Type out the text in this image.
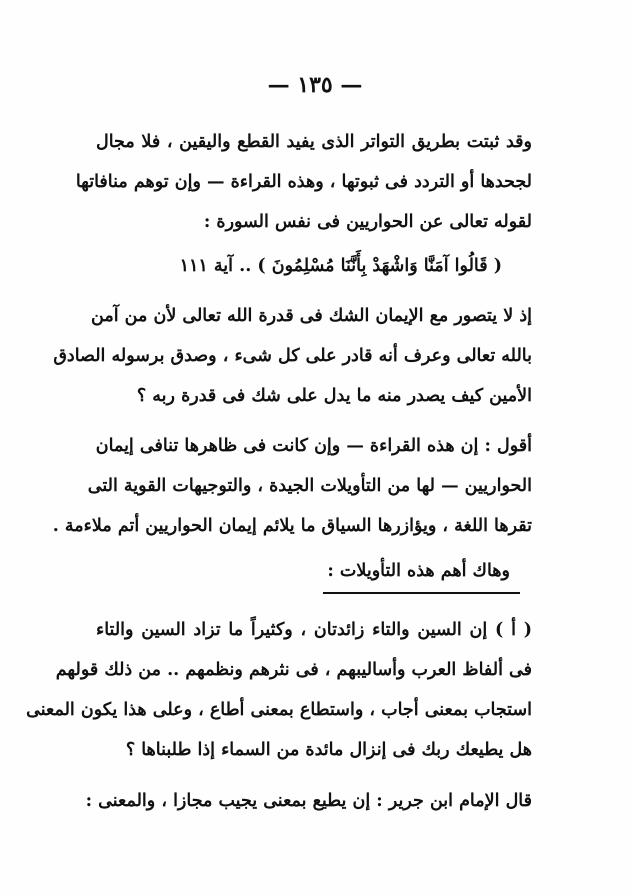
— ١٣٥ —
وقد ثبتت بطريق التواتر الذى يفيد القطع واليقين ، فلا مجال
لجحدها أو التردد فى ثبوتها ، وهذه القراءة — وإن توهم منافاتها
لقوله تعالى عن الحواريين فى نفس السورة :
( قَالُوا آمَنَّا وَاشْهَدْ بِأَنَّنَا مُسْلِمُونَ ) .. آية ١١١
إذ لا يتصور مع الإيمان الشك فى قدرة الله تعالى لأن من آمن
بالله تعالى وعرف أنه قادر على كل شىء ، وصدق برسوله الصادق
الأمين كيف يصدر منه ما يدل على شك فى قدرة ربه ؟
أقول : إن هذه القراءة — وإن كانت فى ظاهرها تنافى إيمان
الحواريين — لها من التأويلات الجيدة ، والتوجيهات القوية التى
تقرها اللغة ، ويؤازرها السياق ما يلائم إيمان الحواريين أتم ملاءمة .
وهاك أهم هذه التأويلات :
( أ ) إن السين والتاء زائدتان ، وكثيراً ما تزاد السين والتاء
فى ألفاظ العرب وأساليبهم ، فى نثرهم ونظمهم .. من ذلك قولهم
استجاب بمعنى أجاب ، واستطاع بمعنى أطاع ، وعلى هذا يكون المعنى
هل يطيعك ربك فى إنزال مائدة من السماء إذا طلبناها ؟
قال الإمام ابن جرير : إن يطيع بمعنى يجيب مجازا ، والمعنى :
